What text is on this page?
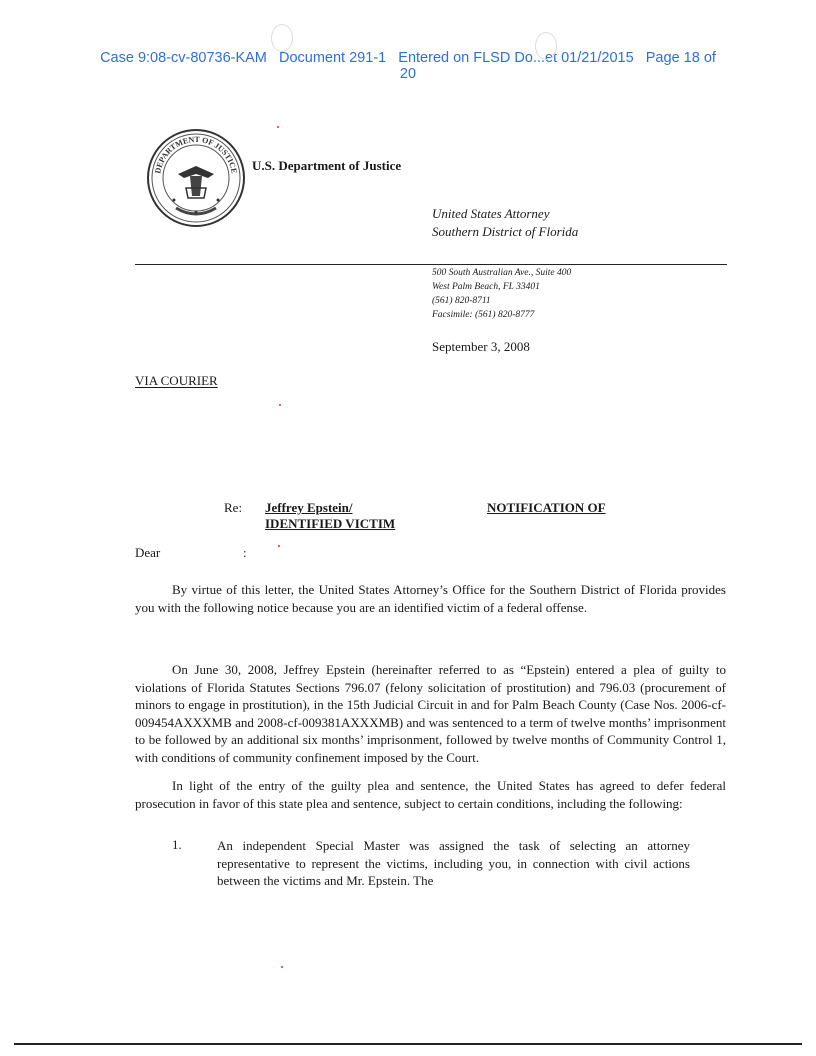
Case 9:08-cv-80736-KAM Document 291-1 Entered on FLSD Do...et 01/21/2015 Page 18 of
20
DEPARTMENT OF JUSTICE U.S. Department of Justice
United States Attorney
Southern District of Florida
500 South Australian Ave., Suite 400
West Palm Beach, FL 33401
(561) 820-8711
Facsimile: (561) 820-8777
September 3, 2008
VIA COURIER
Re: Jeffrey Epstein/	NOTIFICATION OF
IDENTIFIED VICTIM
Dear	:

By virtue of this letter, the United States Attorney’s Office for the Southern District of Florida provides you with the following notice because you are an identified victim of a federal offense.

On June 30, 2008, Jeffrey Epstein (hereinafter referred to as “Epstein) entered a plea of guilty to violations of Florida Statutes Sections 796.07 (felony solicitation of prostitution) and 796.03 (procurement of minors to engage in prostitution), in the 15th Judicial Circuit in and for Palm Beach County (Case Nos. 2006-cf-009454AXXXMB and 2008-cf-009381AXXXMB) and was sentenced to a term of twelve months’ imprisonment to be followed by an additional six months’ imprisonment, followed by twelve months of Community Control 1, with conditions of community confinement imposed by the Court.

In light of the entry of the guilty plea and sentence, the United States has agreed to defer federal prosecution in favor of this state plea and sentence, subject to certain conditions, including the following:

1.	An independent Special Master was assigned the task of selecting an attorney representative to represent the victims, including you, in connection with civil actions between the victims and Mr. Epstein. The
